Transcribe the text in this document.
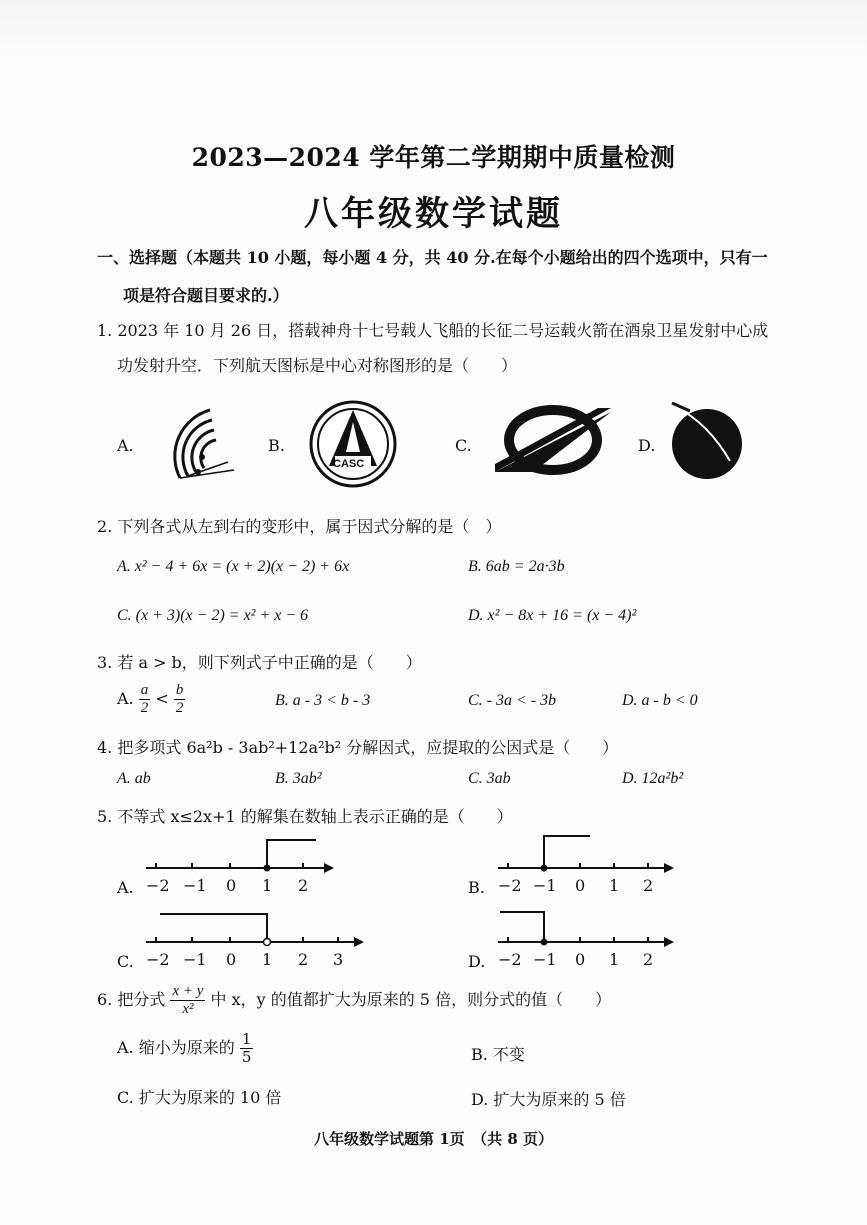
2023—2024 学年第二学期期中质量检测
八年级数学试题
一、选择题（本题共 10 小题，每小题 4 分，共 40 分.在每个小题给出的四个选项中，只有一
项是符合题目要求的.）
1. 2023 年 10 月 26 日，搭载神舟十七号载人飞船的长征二号运载火箭在酒泉卫星发射中心成
功发射升空．下列航天图标是中心对称图形的是（　　）
A.	B.	C.	D.
CASC
2. 下列各式从左到右的变形中，属于因式分解的是（　）
A. x² − 4 + 6x = (x + 2)(x − 2) + 6x	B. 6ab = 2a·3b
C. (x + 3)(x − 2) = x² + x − 6	D. x² − 8x + 16 = (x − 4)²
3. 若 a > b，则下列式子中正确的是（　　）
A. $\frac{a}{2} < \frac{b}{2}$	B. a - 3 < b - 3	C. - 3a < - 3b	D. a - b < 0
4. 把多项式 6a²b - 3ab²+12a²b² 分解因式，应提取的公因式是（　　）
A. ab	B. 3ab²	C. 3ab	D. 12a²b²
5. 不等式 x≤2x+1 的解集在数轴上表示正确的是（　　）
A.	B.
C.	D.
−2 −1 0 1 2	−2 −1 0 1 2
−2 −1 0 1 2 3	−2 −1 0 1 2
6. 把分式 $\frac{x + y}{\text{x²}}$ 中 x，y 的值都扩大为原来的 5 倍，则分式的值（　　）
A. 缩小为原来的 $\frac{1}{5}$	B. 不变
C. 扩大为原来的 10 倍	D. 扩大为原来的 5 倍
八年级数学试题第 1页　（共 8 页）
